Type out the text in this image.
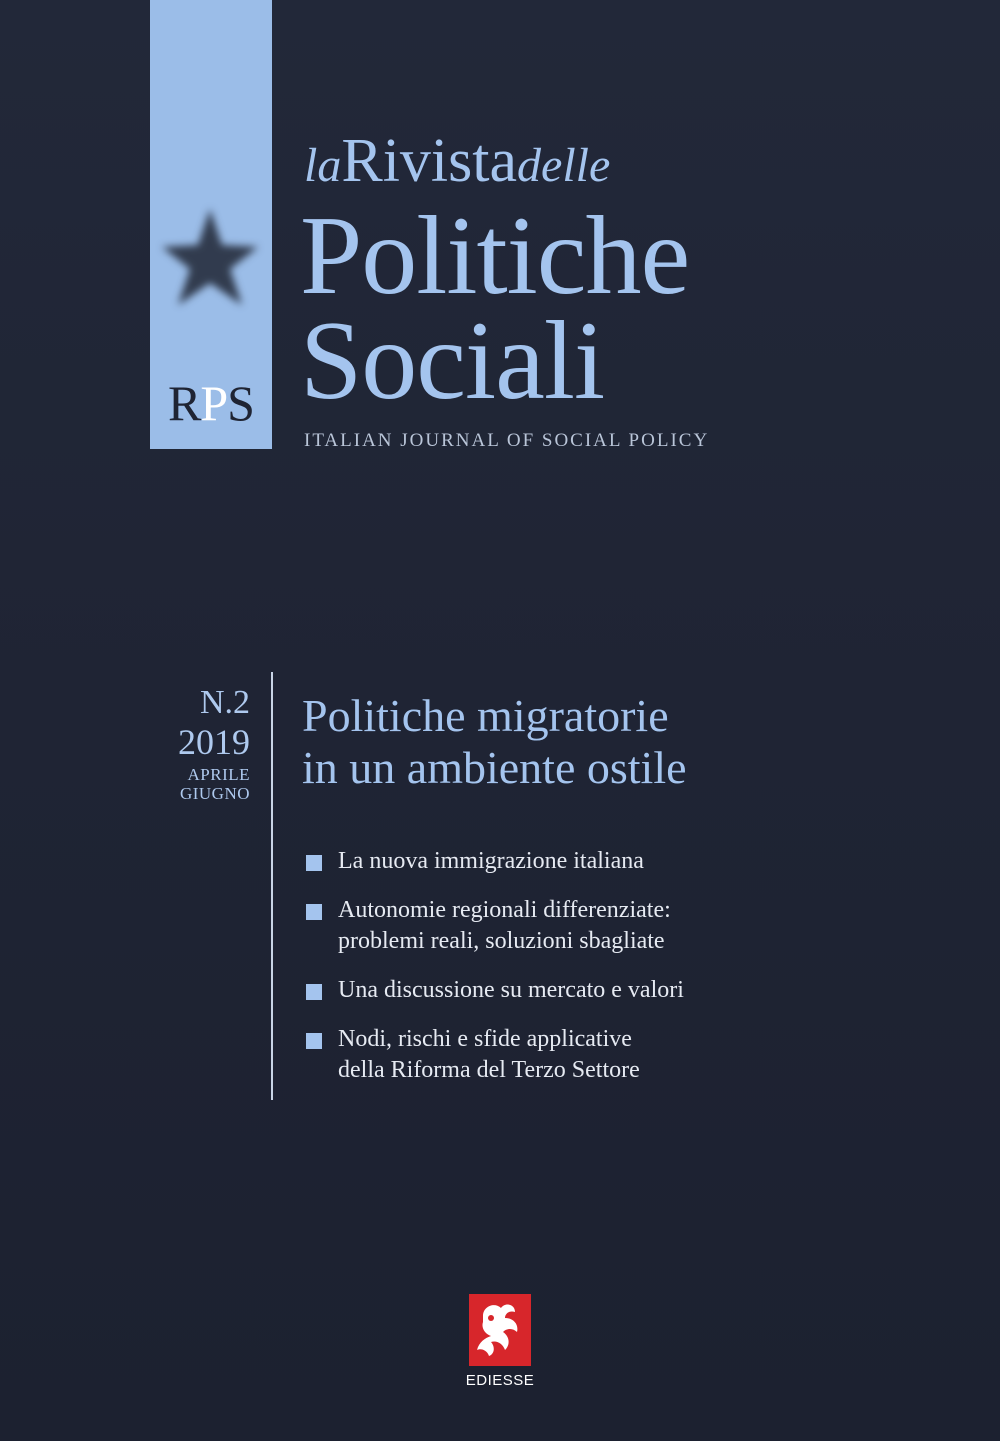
RPS
laRivistadelle
Politiche
Sociali
ITALIAN JOURNAL OF SOCIAL POLICY
N.2
2019
APRILE
GIUGNO
Politiche migratorie
in un ambiente ostile
La nuova immigrazione italiana
Autonomie regionali differenziate:
problemi reali, soluzioni sbagliate
Una discussione su mercato e valori
Nodi, rischi e sfide applicative
della Riforma del Terzo Settore
EDIESSE
